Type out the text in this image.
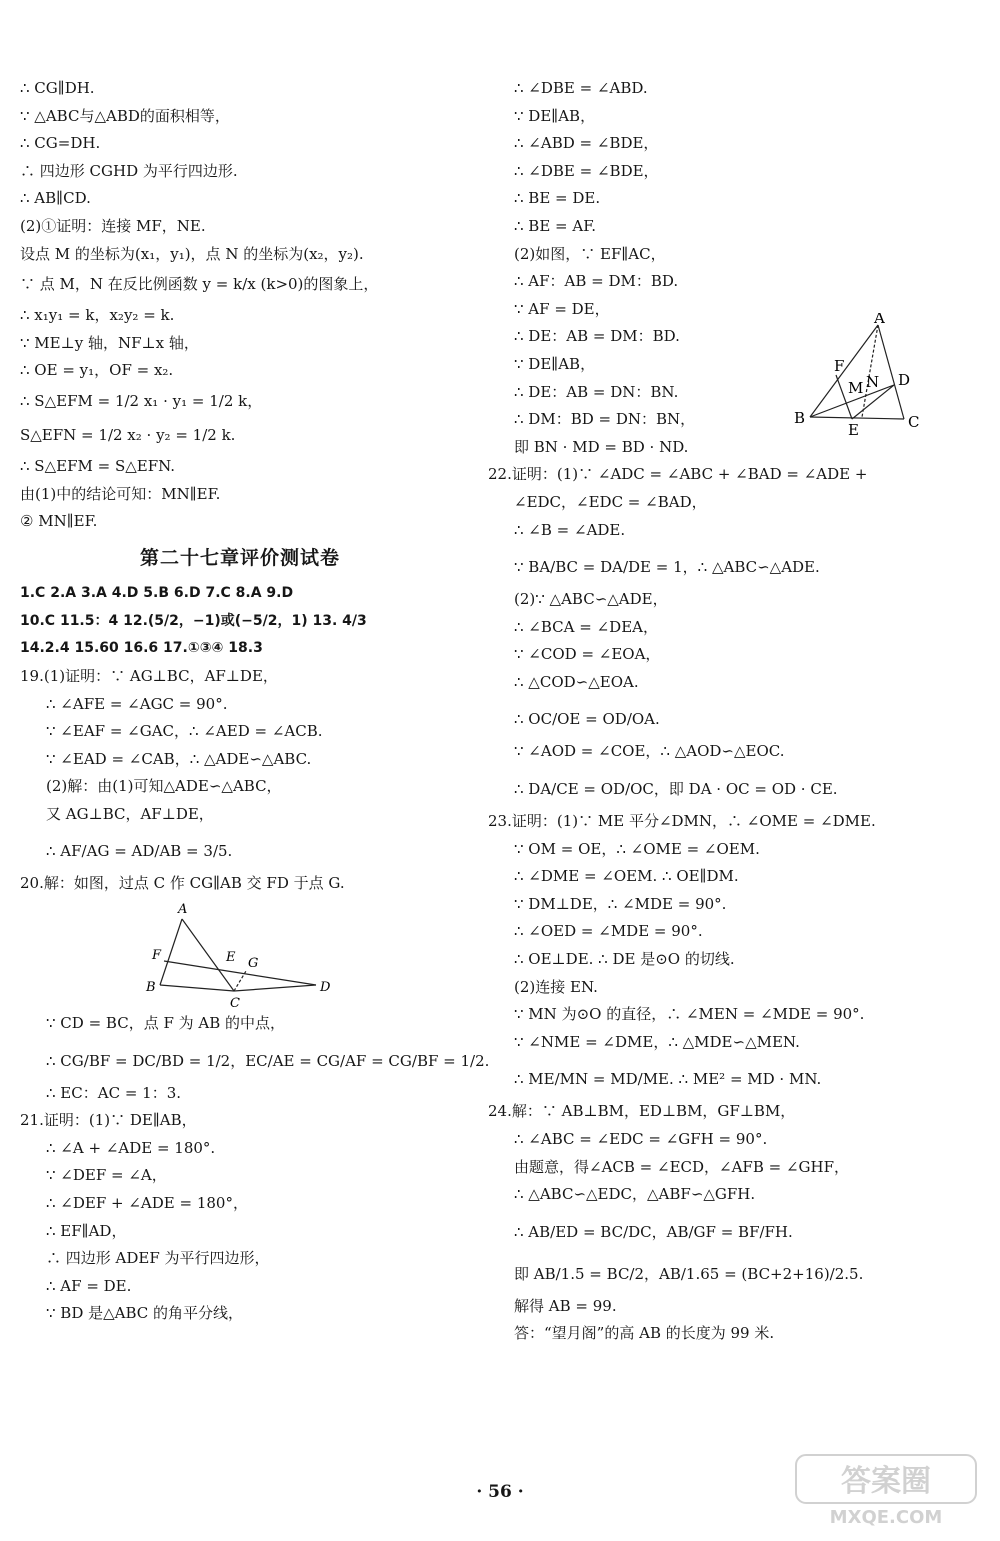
∴ CG∥DH.
∵ △ABC与△ABD的面积相等，
∴ CG=DH.
∴ 四边形 CGHD 为平行四边形.
∴ AB∥CD.
(2)①证明：连接 MF，NE.
设点 M 的坐标为(x₁，y₁)，点 N 的坐标为(x₂，y₂).
∵ 点 M，N 在反比例函数 y = k/x (k>0)的图象上，
∴ x₁y₁ = k，x₂y₂ = k.
∵ ME⊥y 轴，NF⊥x 轴，
∴ OE = y₁，OF = x₂.
∴ S△EFM = 1/2 x₁ · y₁ = 1/2 k，
S△EFN = 1/2 x₂ · y₂ = 1/2 k.
∴ S△EFM = S△EFN.
由(1)中的结论可知：MN∥EF.
② MN∥EF.
第二十七章评价测试卷
1.C 2.A 3.A 4.D 5.B 6.D 7.C 8.A 9.D
10.C 11.5：4 12.(5/2，−1)或(−5/2，1) 13. 4/3
14.2.4 15.60 16.6 17.①③④ 18.3
19.(1)证明：∵ AG⊥BC，AF⊥DE，
∴ ∠AFE = ∠AGC = 90°.
∵ ∠EAF = ∠GAC，∴ ∠AED = ∠ACB.
∵ ∠EAD = ∠CAB，∴ △ADE∽△ABC.
(2)解：由(1)可知△ADE∽△ABC，
又 AG⊥BC，AF⊥DE，
∴ AF/AG = AD/AB = 3/5.
20.解：如图，过点 C 作 CG∥AB 交 FD 于点 G.
A
B
C
D
E
F
G
∵ CD = BC，点 F 为 AB 的中点，
∴ CG/BF = DC/BD = 1/2，EC/AE = CG/AF = CG/BF = 1/2.
∴ EC：AC = 1：3.
21.证明：(1)∵ DE∥AB，
∴ ∠A + ∠ADE = 180°.
∵ ∠DEF = ∠A，
∴ ∠DEF + ∠ADE = 180°，
∴ EF∥AD，
∴ 四边形 ADEF 为平行四边形，
∴ AF = DE.
∵ BD 是△ABC 的角平分线，
∴ ∠DBE = ∠ABD.
∵ DE∥AB，
∴ ∠ABD = ∠BDE，
∴ ∠DBE = ∠BDE，
∴ BE = DE.
∴ BE = AF.
(2)如图，∵ EF∥AC，
∴ AF：AB = DM：BD.
∵ AF = DE，
∴ DE：AB = DM：BD.
∵ DE∥AB，
∴ DE：AB = DN：BN.
∴ DM：BD = DN：BN，
即 BN · MD = BD · ND.
22.证明：(1)∵ ∠ADC = ∠ABC + ∠BAD = ∠ADE +
∠EDC，∠EDC = ∠BAD，
∴ ∠B = ∠ADE.
∵ BA/BC = DA/DE = 1，∴ △ABC∽△ADE.
(2)∵ △ABC∽△ADE，
∴ ∠BCA = ∠DEA，
∵ ∠COD = ∠EOA，
∴ △COD∽△EOA.
∴ OC/OE = OD/OA.
∵ ∠AOD = ∠COE，∴ △AOD∽△EOC.
∴ DA/CE = OD/OC，即 DA · OC = OD · CE.
23.证明：(1)∵ ME 平分∠DMN，∴ ∠OME = ∠DME.
∵ OM = OE，∴ ∠OME = ∠OEM.
∴ ∠DME = ∠OEM. ∴ OE∥DM.
∵ DM⊥DE，∴ ∠MDE = 90°.
∴ ∠OED = ∠MDE = 90°.
∴ OE⊥DE. ∴ DE 是⊙O 的切线.
(2)连接 EN.
∵ MN 为⊙O 的直径，∴ ∠MEN = ∠MDE = 90°.
∵ ∠NME = ∠DME，∴ △MDE∽△MEN.
∴ ME/MN = MD/ME. ∴ ME² = MD · MN.
24.解：∵ AB⊥BM，ED⊥BM，GF⊥BM，
∴ ∠ABC = ∠EDC = ∠GFH = 90°.
由题意，得∠ACB = ∠ECD，∠AFB = ∠GHF，
∴ △ABC∽△EDC，△ABF∽△GFH.
∴ AB/ED = BC/DC，AB/GF = BF/FH.
即 AB/1.5 = BC/2，AB/1.65 = (BC+2+16)/2.5.
解得 AB = 99.
答：“望月阁”的高 AB 的长度为 99 米.
A
B	C
D
E
F
M N
· 56 ·	答案圈
MXQE.COM
